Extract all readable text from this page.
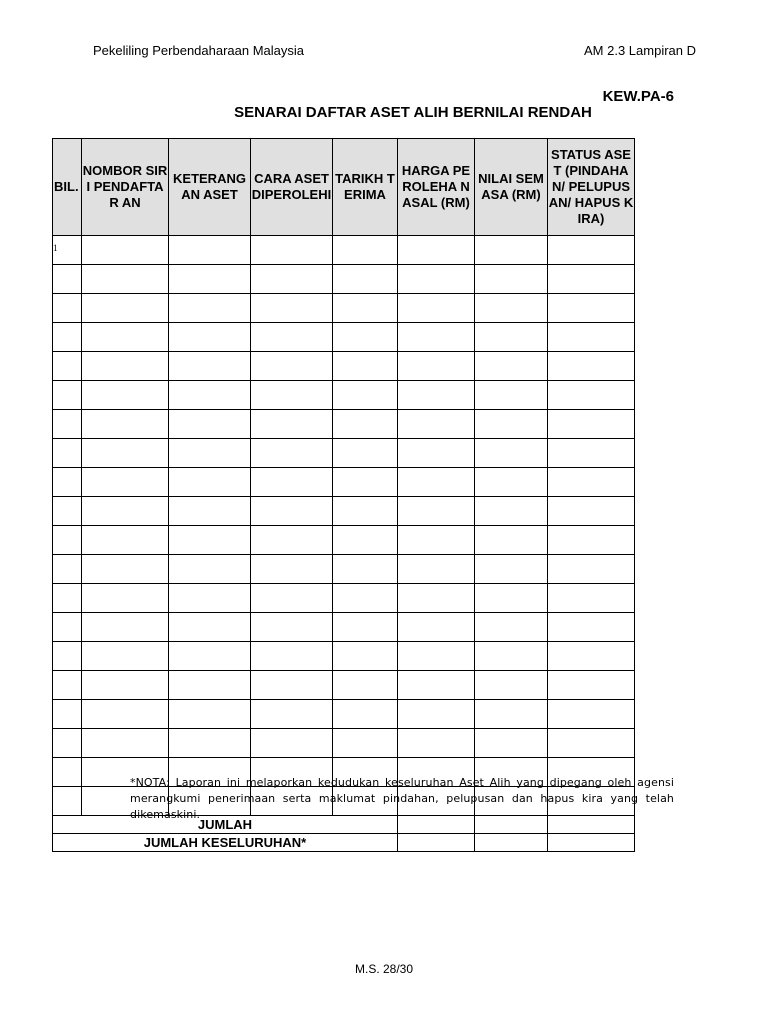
Pekeliling Perbendaharaan Malaysia	AM 2.3 Lampiran D
KEW.PA-6
SENARAI DAFTAR ASET ALIH BERNILAI RENDAH
BIL.	NOMBOR SIRI PENDAFTAR AN	KETERANG AN ASET	CARA ASET DIPEROLEHI	TARIKH TERIMA	HARGA PEROLEHA N ASAL (RM)	NILAI SEMASA (RM)	STATUS ASET (PINDAHAN/ PELUPUSAN/ HAPUS KIRA)
1							

JUMLAH							
JUMLAH KESELURUHAN*							
*NOTA: Laporan ini melaporkan kedudukan keseluruhan Aset Alih yang dipegang oleh agensi merangkumi penerimaan serta maklumat pindahan, pelupusan dan hapus kira yang telah dikemaskini.
M.S. 28/30
